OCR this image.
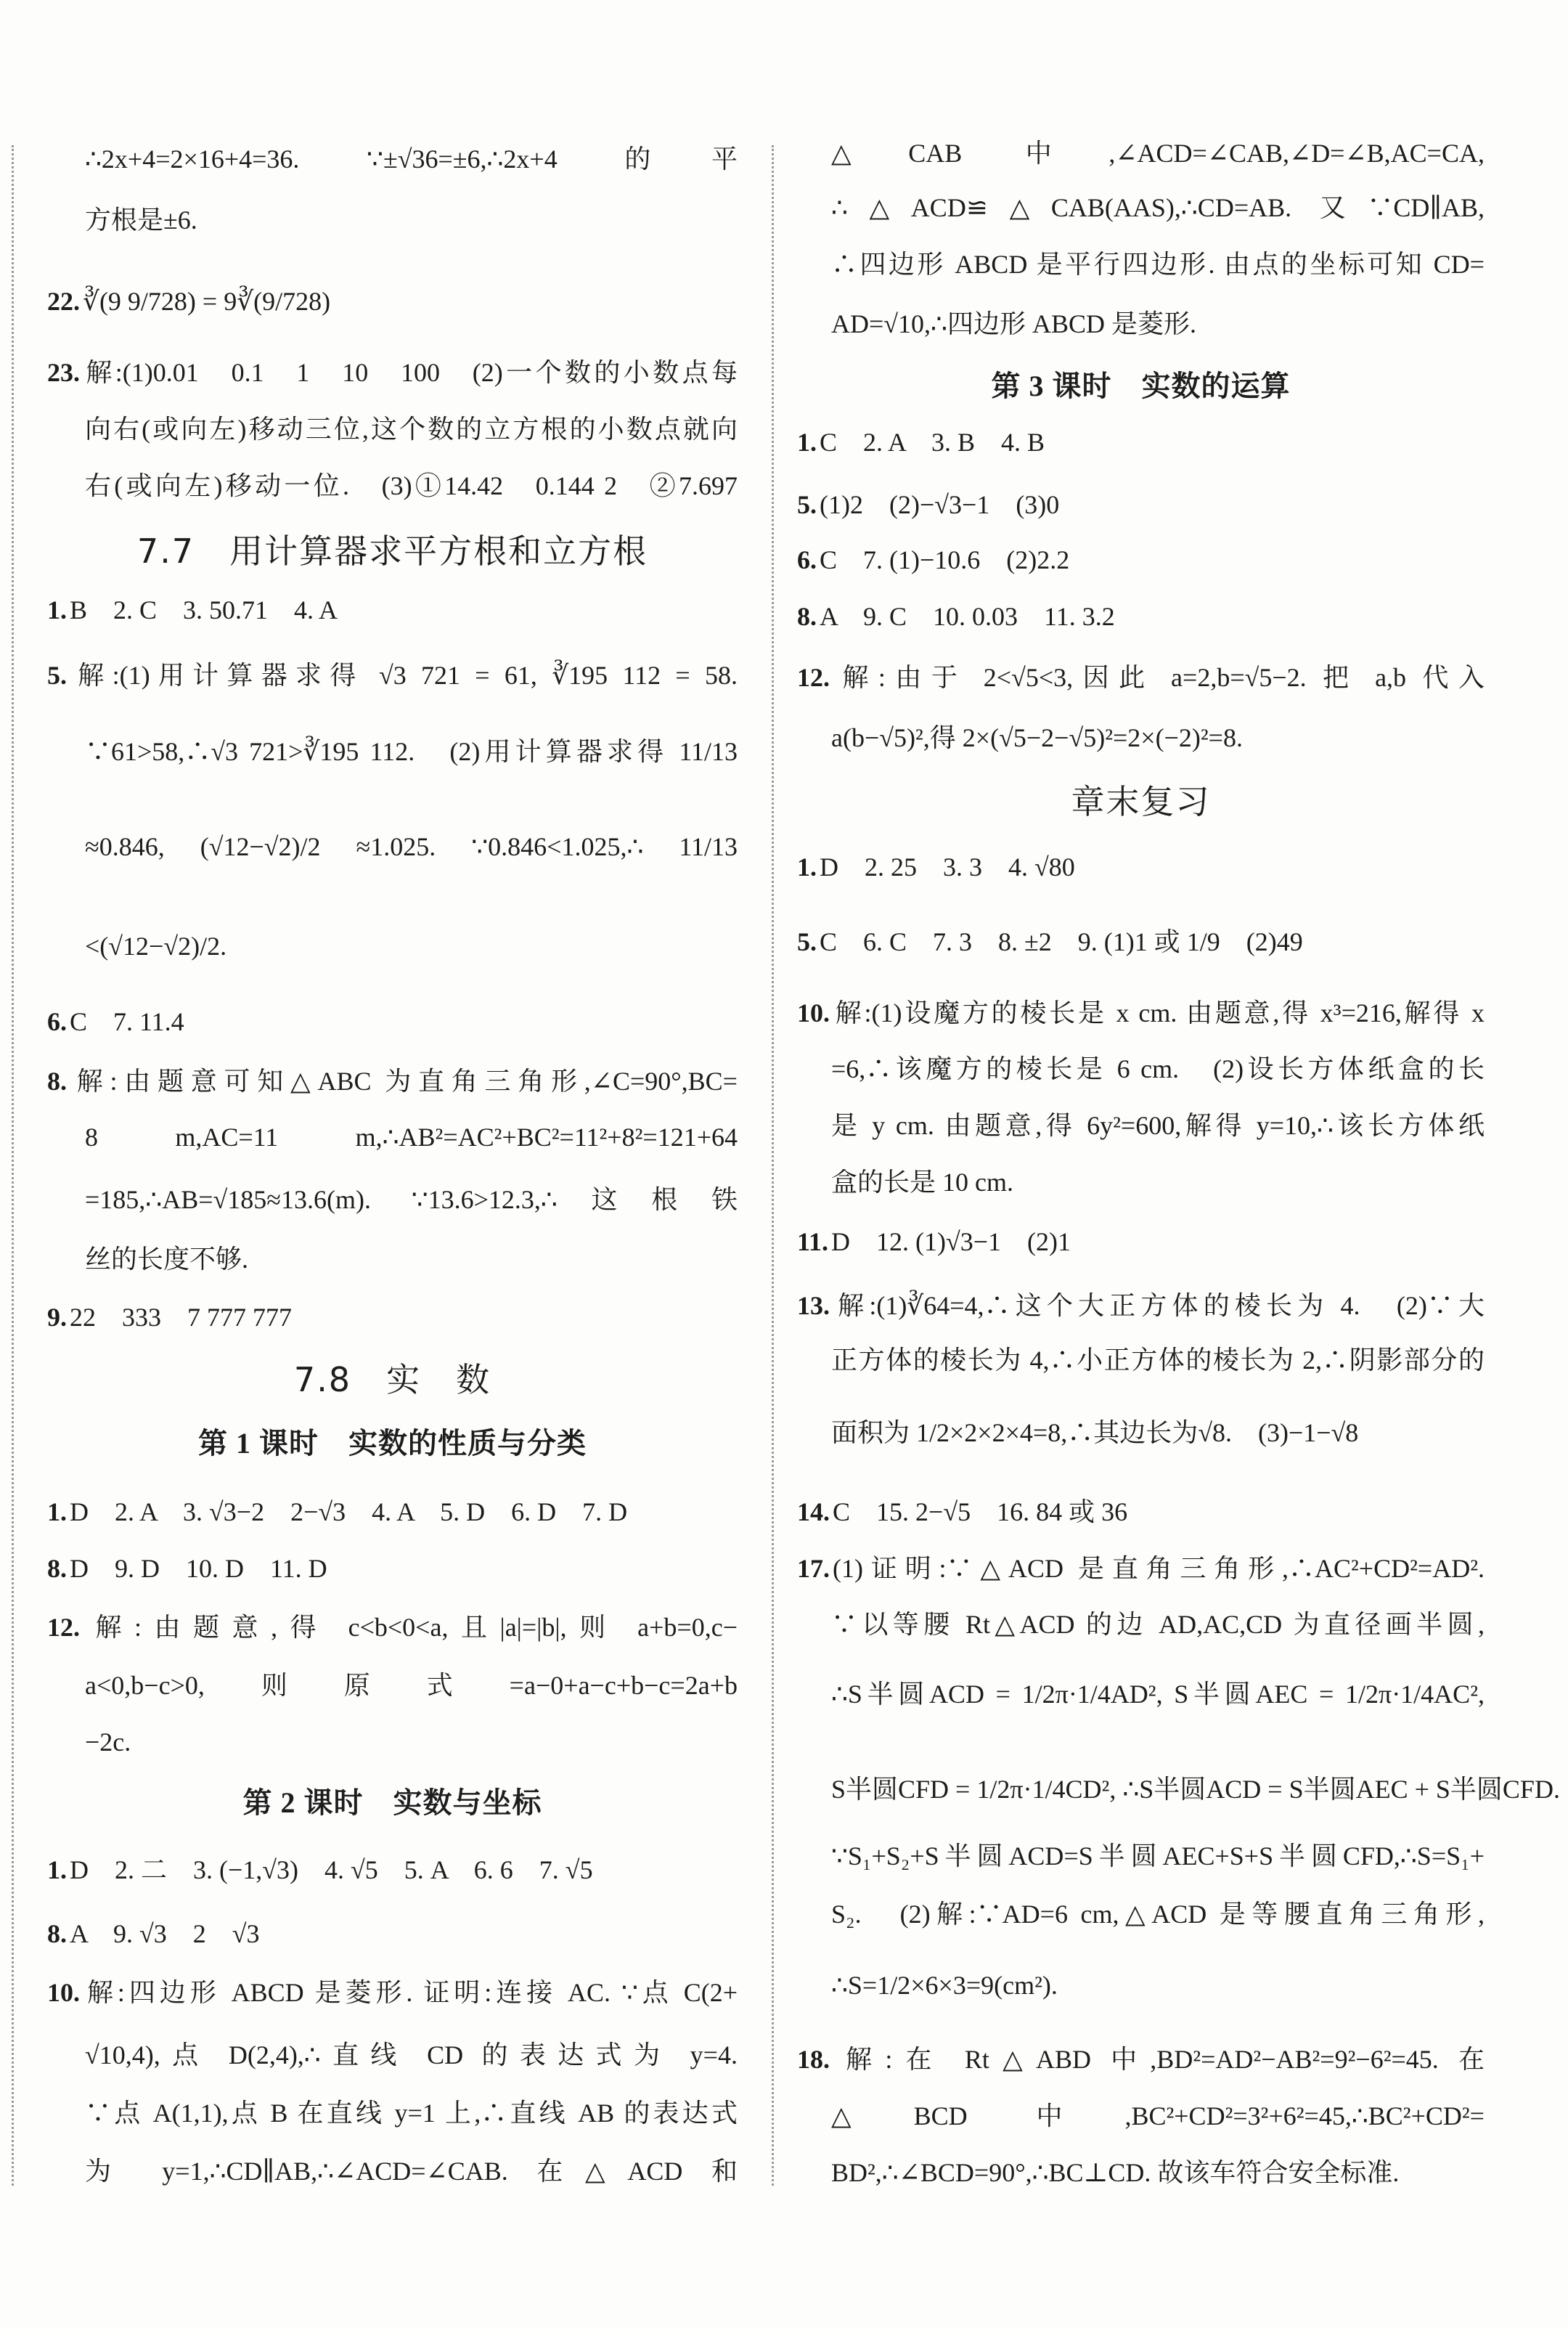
∴2x+4=2×16+4=36. ∵±√36=±6,∴2x+4 的平
方根是±6.
22. ∛(9 9/728) = 9∛(9/728)
23. 解:(1)0.01　0.1　1　10　100　(2)一个数的小数点每
向右(或向左)移动三位,这个数的立方根的小数点就向
右(或向左)移动一位.　(3)①14.42　0.144 2　②7.697
7.7　用计算器求平方根和立方根
1. B　2. C　3. 50.71　4. A
5. 解:(1)用计算器求得 √3 721 = 61, ∛195 112 = 58.
∵61>58,∴√3 721>∛195 112.　(2)用计算器求得 11/13
≈0.846, (√12−√2)/2 ≈1.025. ∵0.846<1.025,∴ 11/13
<(√12−√2)/2.
6. C　7. 11.4
8. 解:由题意可知△ABC 为直角三角形,∠C=90°,BC=
8 m,AC=11 m,∴AB²=AC²+BC²=11²+8²=121+64
=185,∴AB=√185≈13.6(m). ∵13.6>12.3,∴这根铁
丝的长度不够.
9. 22　333　7 777 777
7.8　实　数
第 1 课时　实数的性质与分类
1. D　2. A　3. √3−2　2−√3　4. A　5. D　6. D　7. D
8. D　9. D　10. D　11. D
12. 解:由题意,得 c<b<0<a,且|a|=|b|,则 a+b=0,c−
a<0,b−c>0,则原式=a−0+a−c+b−c=2a+b
−2c.
第 2 课时　实数与坐标
1. D　2. 二　3. (−1,√3)　4. √5　5. A　6. 6　7. √5
8. A　9. √3　2　√3
10. 解:四边形 ABCD 是菱形. 证明:连接 AC. ∵点 C(2+
√10,4),点 D(2,4),∴直线 CD 的表达式为 y=4.
∵点 A(1,1),点 B 在直线 y=1 上,∴直线 AB 的表达式
为 y=1,∴CD∥AB,∴∠ACD=∠CAB. 在△ACD 和
△CAB 中,∠ACD=∠CAB,∠D=∠B,AC=CA,
∴△ACD≌△CAB(AAS),∴CD=AB. 又∵CD∥AB,
∴四边形 ABCD 是平行四边形. 由点的坐标可知 CD=
AD=√10,∴四边形 ABCD 是菱形.
第 3 课时　实数的运算
1. C　2. A　3. B　4. B
5. (1)2　(2)−√3−1　(3)0
6. C　7. (1)−10.6　(2)2.2
8. A　9. C　10. 0.03　11. 3.2
12. 解:由于 2<√5<3,因此 a=2,b=√5−2. 把 a,b 代入
a(b−√5)²,得 2×(√5−2−√5)²=2×(−2)²=8.
章末复习
1. D　2. 25　3. 3　4. √80
5. C　6. C　7. 3　8. ±2　9. (1)1 或 1/9　(2)49
10. 解:(1)设魔方的棱长是 x cm. 由题意,得 x³=216,解得 x
=6,∴该魔方的棱长是 6 cm.　(2)设长方体纸盒的长
是 y cm. 由题意,得 6y²=600,解得 y=10,∴该长方体纸
盒的长是 10 cm.
11. D　12. (1)√3−1　(2)1
13. 解:(1)∛64=4,∴这个大正方体的棱长为 4.　(2)∵大
正方体的棱长为 4,∴小正方体的棱长为 2,∴阴影部分的
面积为 1/2×2×2×4=8,∴其边长为√8.　(3)−1−√8
14. C　15. 2−√5　16. 84 或 36
17. (1)证明:∵△ACD 是直角三角形,∴AC²+CD²=AD².
∵以等腰 Rt△ACD 的边 AD,AC,CD 为直径画半圆,
∴S半圆ACD = 1/2π·1/4AD², S半圆AEC = 1/2π·1/4AC²,
S半圆CFD = 1/2π·1/4CD², ∴S半圆ACD = S半圆AEC + S半圆CFD.
∵S₁+S₂+S半圆ACD=S半圆AEC+S+S半圆CFD,∴S=S₁+
S₂.　(2)解:∵AD=6 cm,△ACD 是等腰直角三角形,
∴S=1/2×6×3=9(cm²).
18. 解:在 Rt△ABD 中,BD²=AD²−AB²=9²−6²=45. 在
△BCD 中,BC²+CD²=3²+6²=45,∴BC²+CD²=
BD²,∴∠BCD=90°,∴BC⊥CD. 故该车符合安全标准.
